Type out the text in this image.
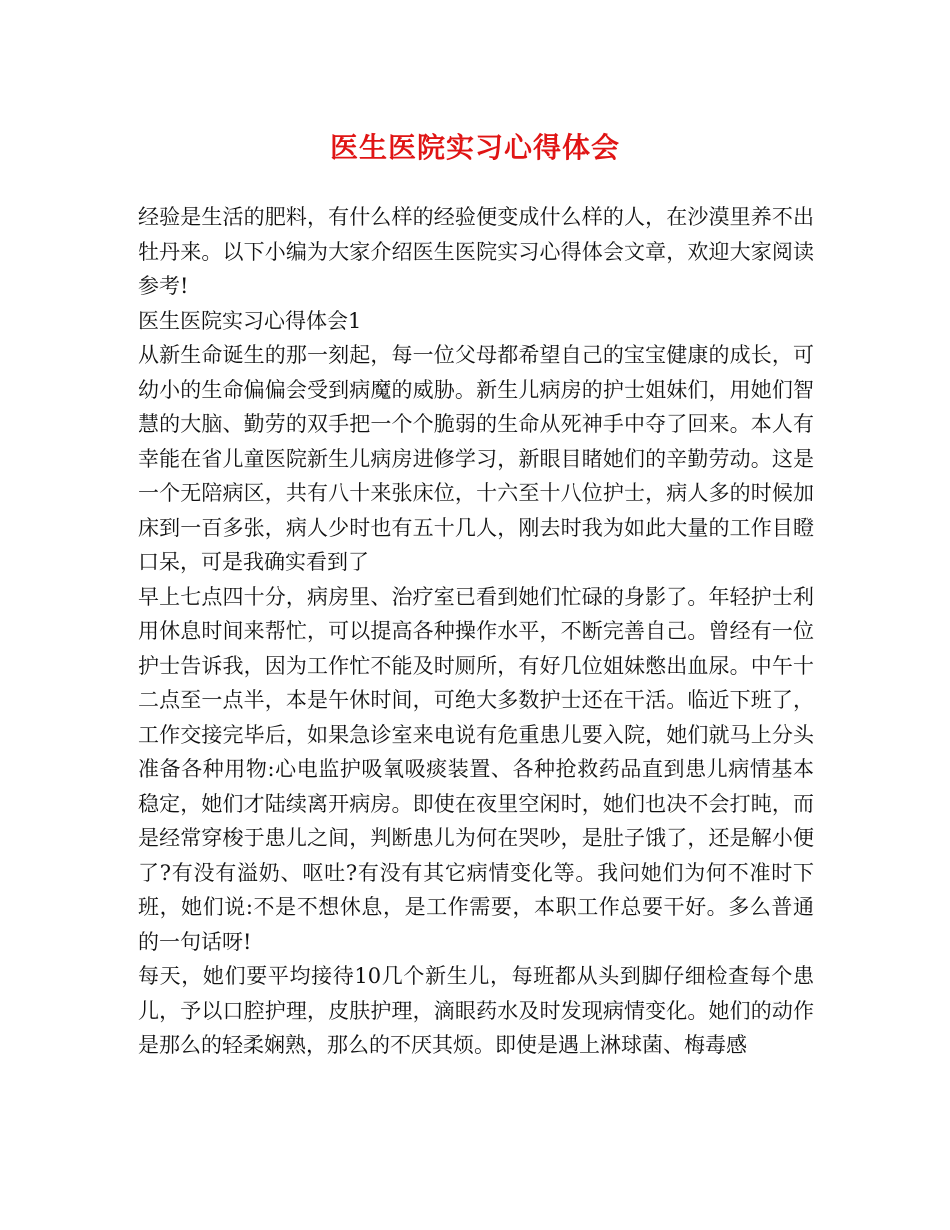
医生医院实习心得体会

经验是生活的肥料，有什么样的经验便变成什么样的人，在沙漠里养不出牡丹来。以下小编为大家介绍医生医院实习心得体会文章，欢迎大家阅读参考!

医生医院实习心得体会1

从新生命诞生的那一刻起，每一位父母都希望自己的宝宝健康的成长，可幼小的生命偏偏会受到病魔的威胁。新生儿病房的护士姐妹们，用她们智慧的大脑、勤劳的双手把一个个脆弱的生命从死神手中夺了回来。本人有幸能在省儿童医院新生儿病房进修学习，新眼目睹她们的辛勤劳动。这是一个无陪病区，共有八十来张床位，十六至十八位护士，病人多的时候加床到一百多张，病人少时也有五十几人，刚去时我为如此大量的工作目瞪口呆，可是我确实看到了

早上七点四十分，病房里、治疗室已看到她们忙碌的身影了。年轻护士利用休息时间来帮忙，可以提高各种操作水平，不断完善自己。曾经有一位护士告诉我，因为工作忙不能及时厕所，有好几位姐妹憋出血尿。中午十二点至一点半，本是午休时间，可绝大多数护士还在干活。临近下班了，工作交接完毕后，如果急诊室来电说有危重患儿要入院，她们就马上分头准备各种用物:心电监护吸氧吸痰装置、各种抢救药品直到患儿病情基本稳定，她们才陆续离开病房。即使在夜里空闲时，她们也决不会打盹，而是经常穿梭于患儿之间，判断患儿为何在哭吵，是肚子饿了，还是解小便了?有没有溢奶、呕吐?有没有其它病情变化等。我问她们为何不准时下班，她们说:不是不想休息，是工作需要，本职工作总要干好。多么普通的一句话呀!

每天，她们要平均接待10几个新生儿，每班都从头到脚仔细检查每个患儿，予以口腔护理，皮肤护理，滴眼药水及时发现病情变化。她们的动作是那么的轻柔娴熟，那么的不厌其烦。即使是遇上淋球菌、梅毒感
